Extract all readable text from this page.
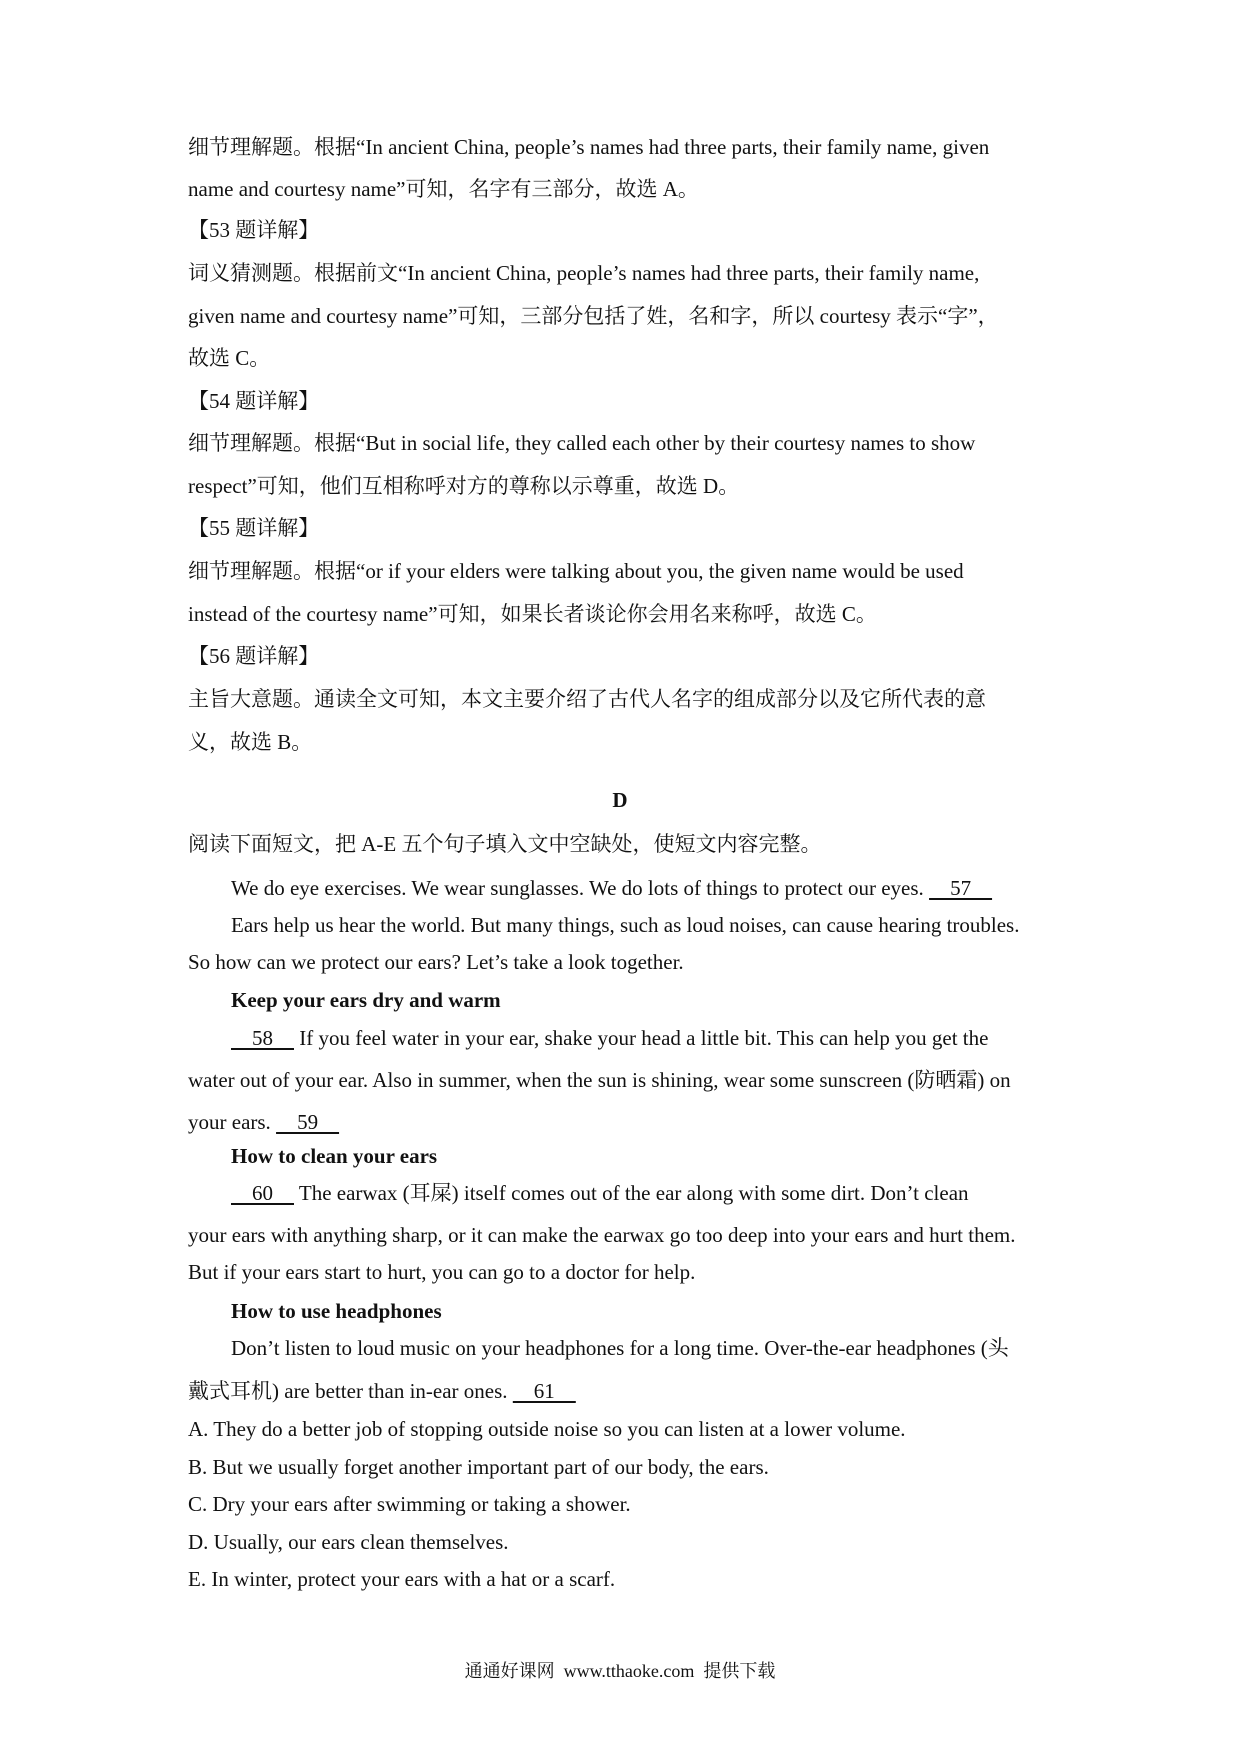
细节理解题。根据“In ancient China, people’s names had three parts, their family name, given
name and courtesy name”可知，名字有三部分，故选 A。
【53 题详解】
词义猜测题。根据前文“In ancient China, people’s names had three parts, their family name,
given name and courtesy name”可知，三部分包括了姓，名和字，所以 courtesy 表示“字”，
故选 C。
【54 题详解】
细节理解题。根据“But in social life, they called each other by their courtesy names to show
respect”可知，他们互相称呼对方的尊称以示尊重，故选 D。
【55 题详解】
细节理解题。根据“or if your elders were talking about you, the given name would be used
instead of the courtesy name”可知，如果长者谈论你会用名来称呼，故选 C。
【56 题详解】
主旨大意题。通读全文可知，本文主要介绍了古代人名字的组成部分以及它所代表的意
义，故选 B。
D
阅读下面短文，把 A-E 五个句子填入文中空缺处，使短文内容完整。
We do eye exercises. We wear sunglasses. We do lots of things to protect our eyes.     57
Ears help us hear the world. But many things, such as loud noises, can cause hearing troubles.
So how can we protect our ears? Let’s take a look together.
Keep your ears dry and warm
58     If you feel water in your ear, shake your head a little bit. This can help you get the
water out of your ear. Also in summer, when the sun is shining, wear some sunscreen (防晒霜) on
your ears.     59
How to clean your ears
60     The earwax (耳屎) itself comes out of the ear along with some dirt. Don’t clean
your ears with anything sharp, or it can make the earwax go too deep into your ears and hurt them.
But if your ears start to hurt, you can go to a doctor for help.
How to use headphones
Don’t listen to loud music on your headphones for a long time. Over-the-ear headphones (头
戴式耳机) are better than in-ear ones.     61
A. They do a better job of stopping outside noise so you can listen at a lower volume.
B. But we usually forget another important part of our body, the ears.
C. Dry your ears after swimming or taking a shower.
D. Usually, our ears clean themselves.
E. In winter, protect your ears with a hat or a scarf.
通通好课网  www.tthaoke.com  提供下载
